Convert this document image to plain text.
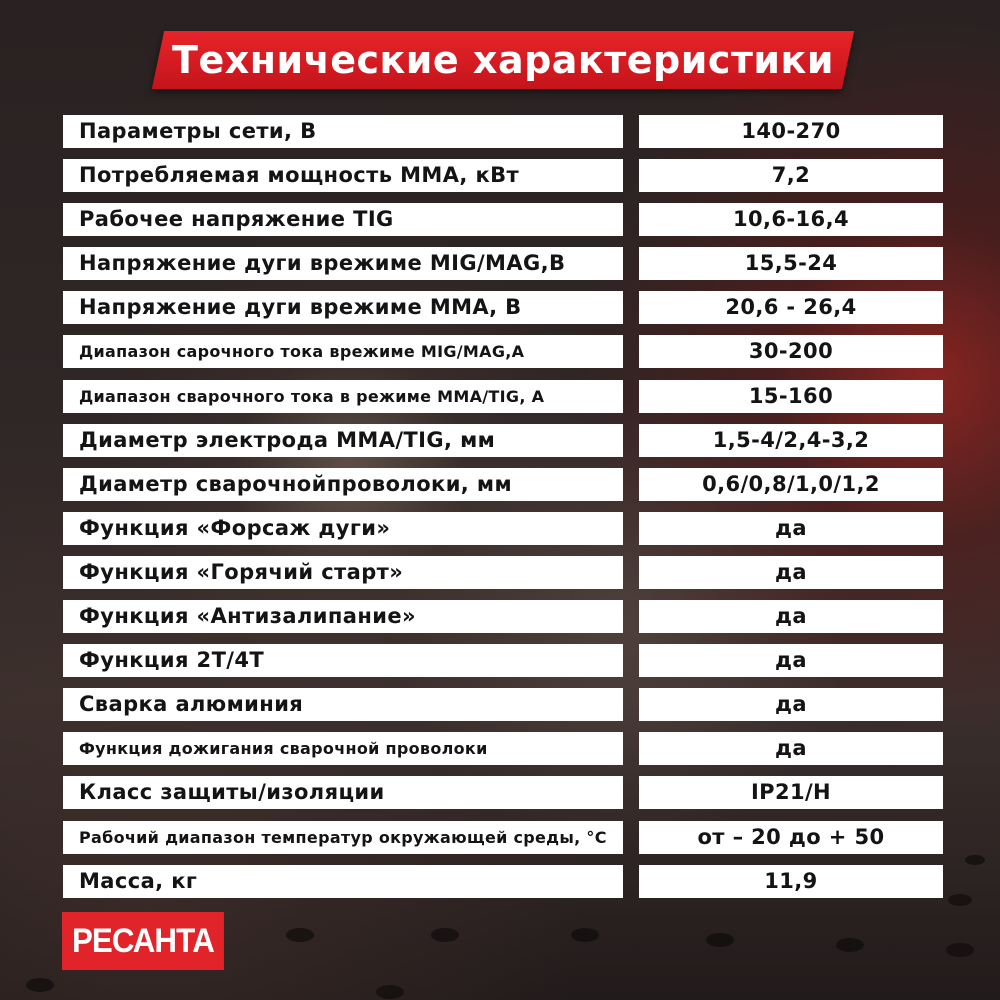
Технические характеристики
Параметры сети, В	140-270
Потребляемая мощность ММА, кВт	7,2
Рабочее напряжение TIG	10,6-16,4
Напряжение дуги врежиме MIG/MAG,В	15,5-24
Напряжение дуги врежиме ММА, В	20,6 - 26,4
Диапазон сарочного тока врежиме MIG/MAG,А	30-200
Диапазон сварочного тока в режиме ММА/TIG, А	15-160
Диаметр электрода ММА/TIG, мм	1,5-4/2,4-3,2
Диаметр сварочнойпроволоки, мм	0,6/0,8/1,0/1,2
Функция «Форсаж дуги»	да
Функция «Горячий старт»	да
Функция «Антизалипание»	да
Функция 2Т/4Т	да
Сварка алюминия	да
Функция дожигания сварочной проволоки	да
Класс защиты/изоляции	IP21/H
Рабочий диапазон температур окружающей среды, °С	от – 20 до + 50
Масса, кг	11,9
РЕСАНТА
